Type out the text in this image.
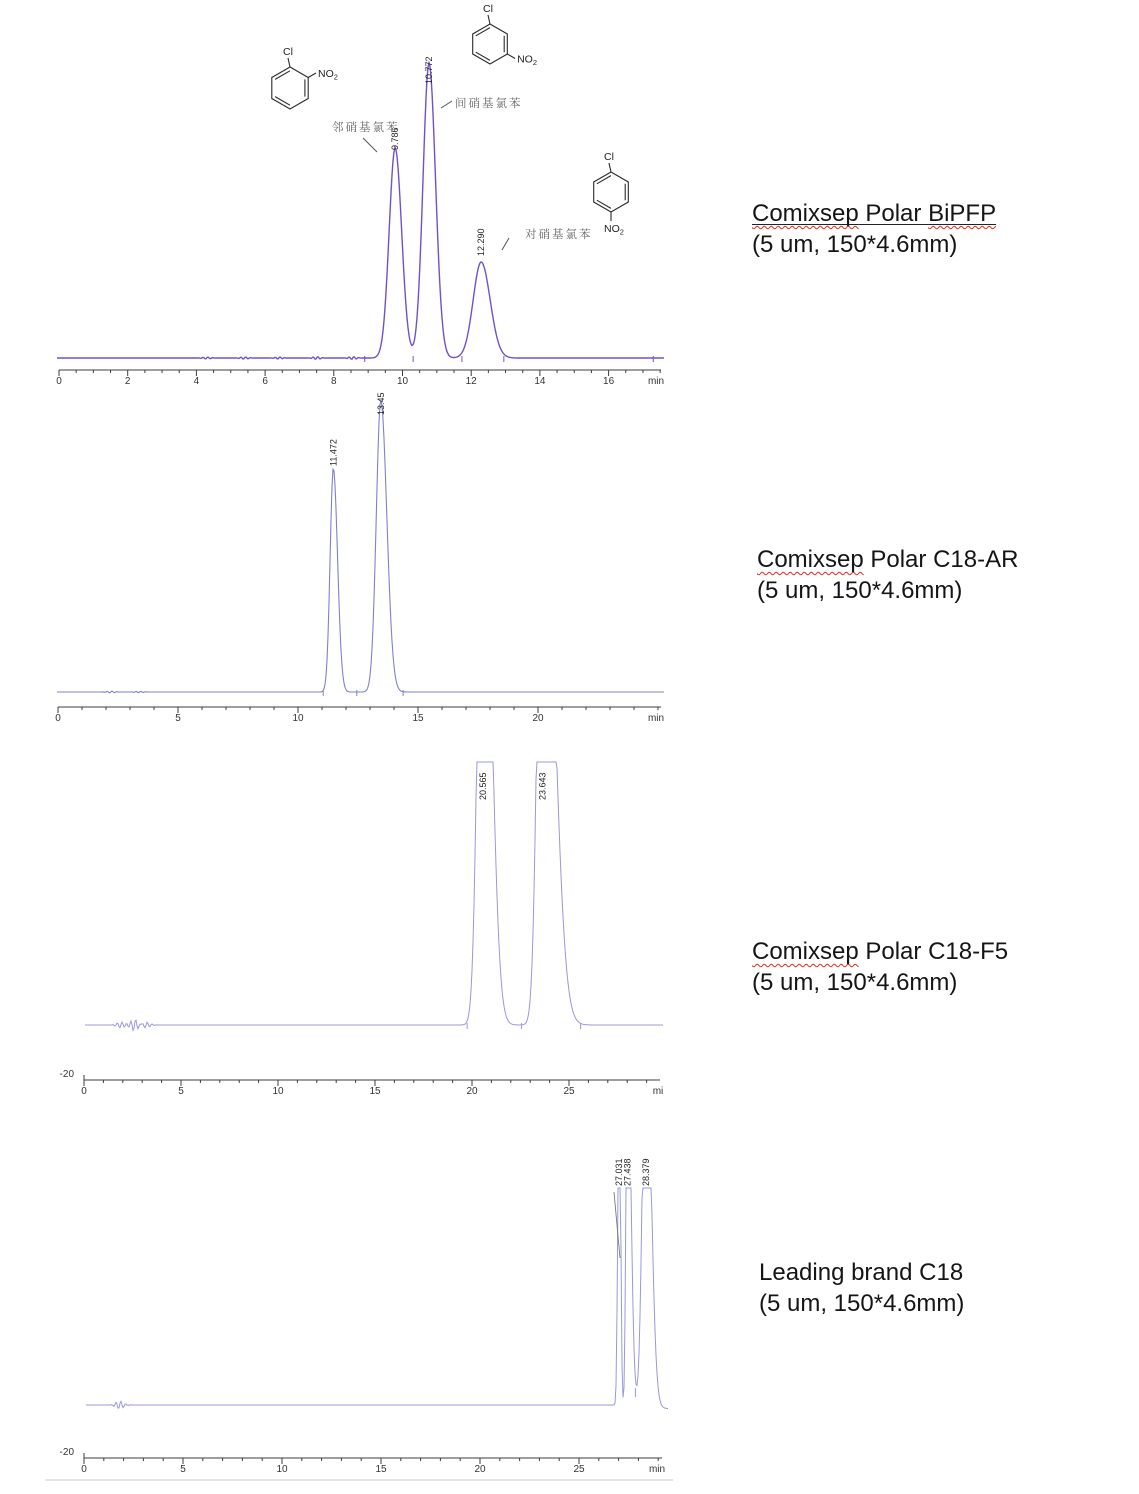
0	2	4	6	8	10	12	14	16	min
9.786
10.772
12.290
邻硝基氯苯
间硝基氯苯
对硝基氯苯
Cl
$NO_2$
Cl
$NO_2$
Cl
$NO_2$
0	5	10	15	20	min
11.472
13.45
0	5	10	15	20	25	mi
-20
20.565	23.643
0	5	10	15	20	25	min
-20
27.031
27.438 28.379
Comixsep Polar BiPFP
(5 um, 150*4.6mm)
Comixsep Polar C18-AR
(5 um, 150*4.6mm)
Comixsep Polar C18-F5
(5 um, 150*4.6mm)
Leading brand C18
(5 um, 150*4.6mm)
